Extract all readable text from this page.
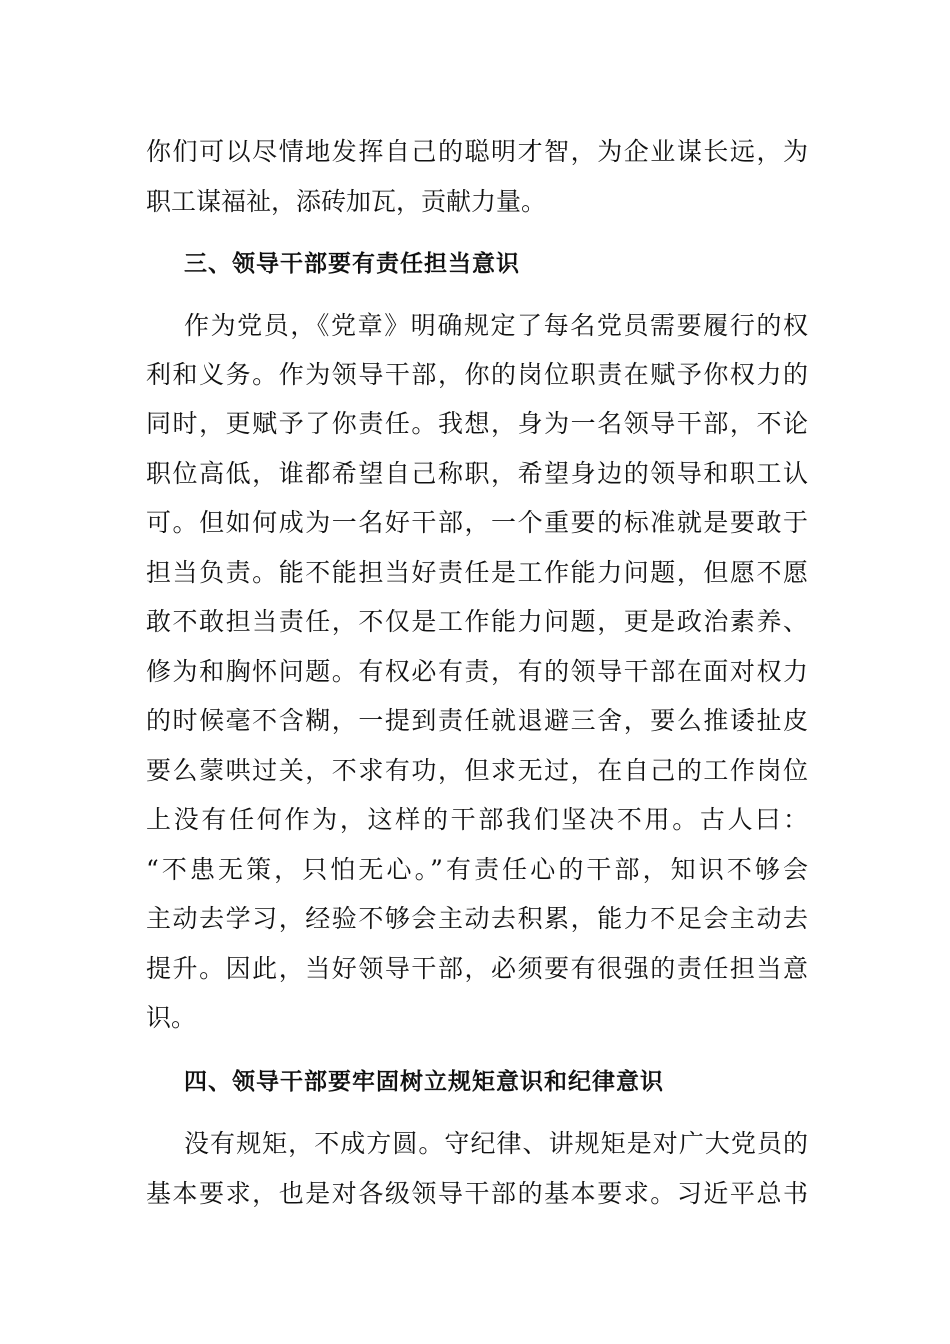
你们可以尽情地发挥自己的聪明才智，为企业谋长远，为
职工谋福祉，添砖加瓦，贡献力量。
三、领导干部要有责任担当意识
作为党员，《党章》明确规定了每名党员需要履行的权
利和义务。作为领导干部，你的岗位职责在赋予你权力的
同时，更赋予了你责任。我想，身为一名领导干部，不论
职位高低，谁都希望自己称职，希望身边的领导和职工认
可。但如何成为一名好干部，一个重要的标准就是要敢于
担当负责。能不能担当好责任是工作能力问题，但愿不愿
敢不敢担当责任，不仅是工作能力问题，更是政治素养、
修为和胸怀问题。有权必有责，有的领导干部在面对权力
的时候毫不含糊，一提到责任就退避三舍，要么推诿扯皮
要么蒙哄过关，不求有功，但求无过，在自己的工作岗位
上没有任何作为，这样的干部我们坚决不用。古人曰：
“不患无策，只怕无心。”有责任心的干部，知识不够会
主动去学习，经验不够会主动去积累，能力不足会主动去
提升。因此，当好领导干部，必须要有很强的责任担当意
识。
四、领导干部要牢固树立规矩意识和纪律意识
没有规矩，不成方圆。守纪律、讲规矩是对广大党员的
基本要求，也是对各级领导干部的基本要求。习近平总书
